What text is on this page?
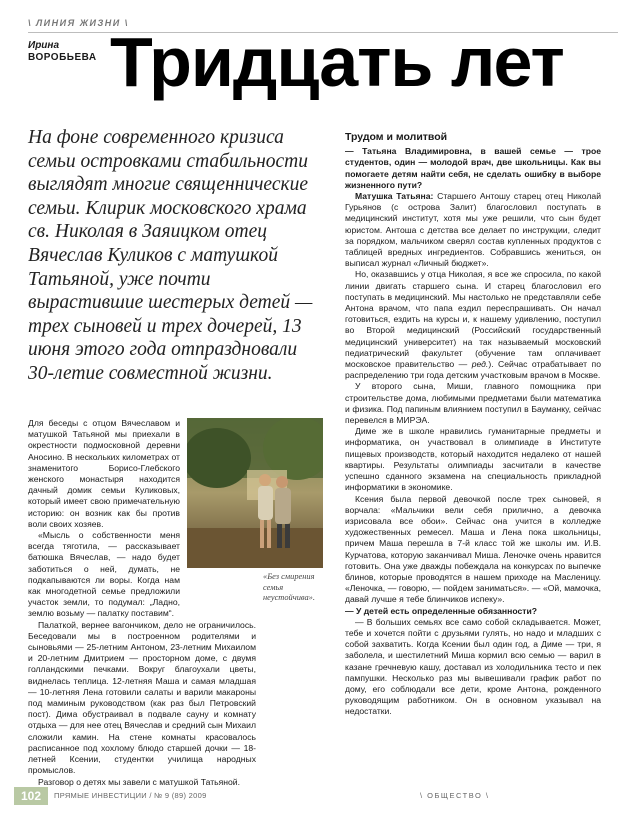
\ ЛИНИЯ ЖИЗНИ \
Ирина
ВОРОБЬЕВА Тридцать лет
На фоне современного кризиса семьи островками стабильности выглядят многие священнические семьи. Клирик московского храма св. Николая в Заяицком отец Вячеслав Куликов с матушкой Татьяной, уже почти вырастившие шестерых детей — трех сыновей и трех дочерей, 13 июня этого года отпраздновали 30-летие совместной жизни.
«Без смирения семья неустойчива».

Для беседы с отцом Вячеславом и матушкой Татьяной мы приехали в окрестности подмосковной деревни Аносино. В нескольких километрах от знаменитого Борисо-Глебского женского монастыря находится дачный домик семьи Куликовых, который имеет свою примечательную историю: он возник как бы против воли своих хозяев.

«Мысль о собственности меня всегда тяготила, — рассказывает батюшка Вячеслав, — надо будет заботиться о ней, думать, не подкапываются ли воры. Когда нам как многодетной семье предложили участок земли, то подумал: „Ладно, землю возьму — палатку поставим“.

Палаткой, вернее вагончиком, дело не ограничилось. Беседовали мы в построенном родителями и сыновьями — 25-летним Антоном, 23-летним Михаилом и 20-летним Дмитрием — просторном доме, с двумя голландскими печками. Вокруг благоухали цветы, виднелась теплица. 12-летняя Маша и самая младшая — 10-летняя Лена готовили салаты и варили макароны под маминым руководством (как раз был Петровский пост). Дима обустраивал в подвале сауну и комнату отдыха — для нее отец Вячеслав и средний сын Михаил сложили камин. На стене комнаты красовалось расписанное под хохлому блюдо старшей дочки — 18-летней Ксении, студентки училища народных промыслов.

Разговор о детях мы завели с матушкой Татьяной.

Трудом и молитвой

— Татьяна Владимировна, в вашей семье — трое студентов, один — молодой врач, две школьницы. Как вы помогаете детям найти себя, не сделать ошибку в выборе жизненного пути?

Матушка Татьяна: Старшего Антошу старец отец Николай Гурьянов (с острова Залит) благословил поступать в медицинский институт, хотя мы уже решили, что сын будет юристом. Антоша с детства все делает по инструкции, следит за порядком, мальчиком сверял состав купленных продуктов с таблицей вредных ингредиентов. Собравшись жениться, он выписал журнал «Личный бюджет».

Но, оказавшись у отца Николая, я все же спросила, по какой линии двигать старшего сына. И старец благословил его поступать в медицинский. Мы настолько не представляли себе Антона врачом, что папа ездил переспрашивать. Он начал готовиться, ездить на курсы и, к нашему удивлению, поступил во Второй медицинский (Российский государственный медицинский университет) на так называемый московский педиатрический факультет (обучение там оплачивает московское правительство — ред.). Сейчас отрабатывает по распределению три года детским участковым врачом в Москве.

У второго сына, Миши, главного помощника при строительстве дома, любимыми предметами были математика и физика. Под папиным влиянием поступил в Бауманку, сейчас перевелся в МИРЭА.

Диме же в школе нравились гуманитарные предметы и информатика, он участвовал в олимпиаде в Институте пищевых производств, который находится недалеко от нашей квартиры. Результаты олимпиады засчитали в качестве успешно сданного экзамена на специальность прикладной информатики в экономике.

Ксения была первой девочкой после трех сыновей, я ворчала: «Мальчики вели себя прилично, а девочка изрисовала все обои». Сейчас она учится в колледже художественных ремесел. Маша и Лена пока школьницы, причем Маша перешла в 7-й класс той же школы им. И.В. Курчатова, которую заканчивал Миша. Леночке очень нравится готовить. Она уже дважды побеждала на конкурсах по выпечке блинов, которые проводятся в нашем приходе на Масленицу. «Леночка, — говорю, — пойдем заниматься». — «Ой, мамочка, давай лучше я тебе блинчиков испеку».

— У детей есть определенные обязанности?

— В больших семьях все само собой складывается. Может, тебе и хочется пойти с друзьями гулять, но надо и младших с собой захватить. Когда Ксении был один год, а Диме — три, я заболела, и шестилетний Миша кормил всю семью — варил в казане гречневую кашу, доставал из холодильника тесто и пек пампушки. Несколько раз мы вывешивали график работ по дому, его соблюдали все дети, кроме Антона, рожденного руководящим работником. Он в основном указывал на недостатки.

102	ПРЯМЫЕ ИНВЕСТИЦИИ / № 9 (89) 2009	\ ОБЩЕСТВО \
